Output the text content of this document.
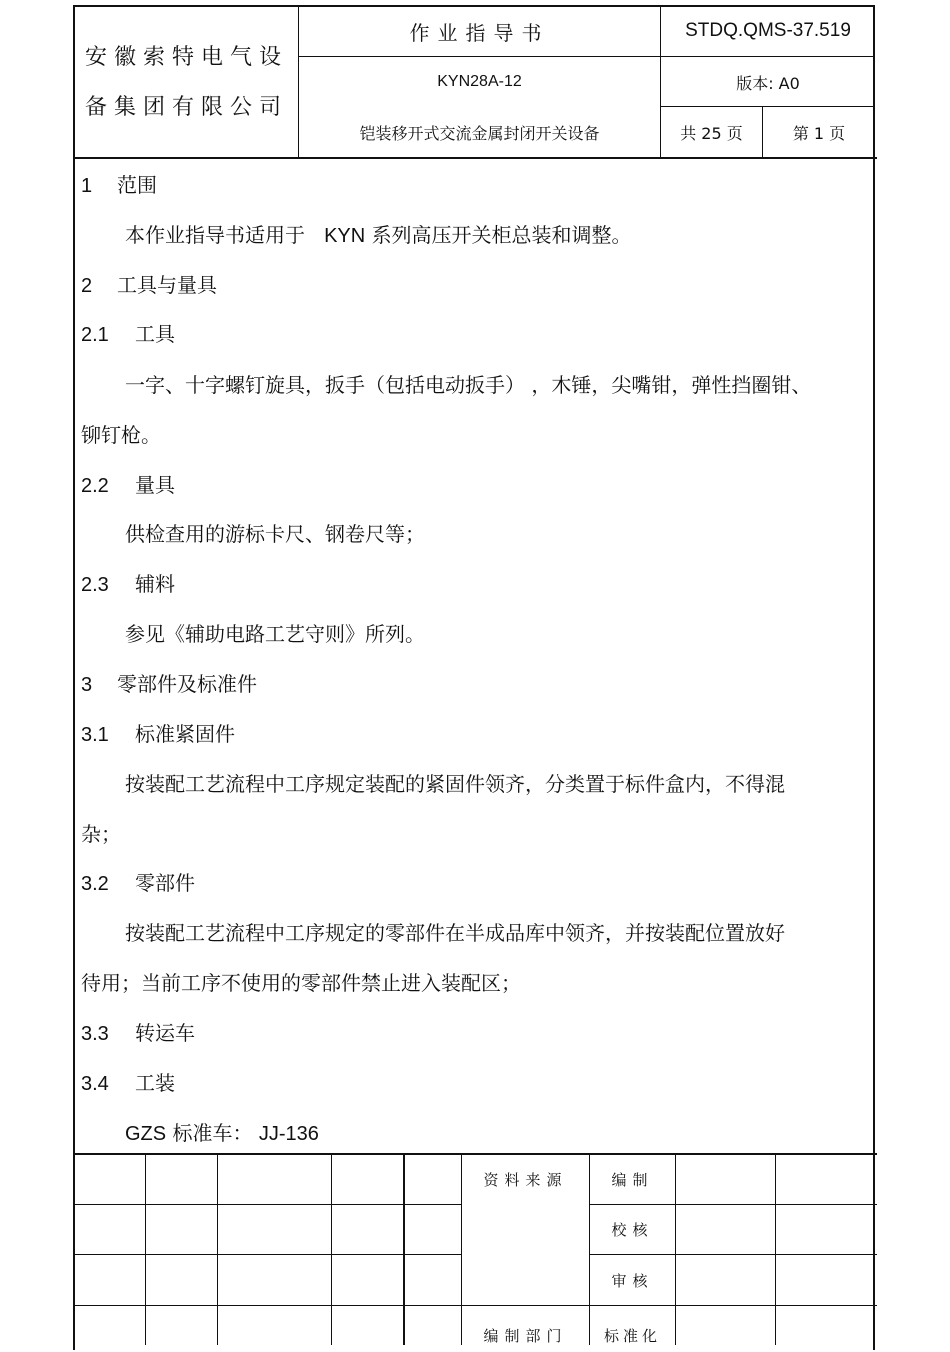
安徽索特电气设
备集团有限公司
作业指导书	STDQ.QMS-37.519
KYN28A-12	版本: A0
铠装移开式交流金属封闭开关设备	共 25 页	第 1 页
1 范围
本作业指导书适用于 KYN 系列高压开关柜总装和调整。
2 工具与量具
2.1 工具
一字、十字螺钉旋具，扳手（包括电动扳手） ，木锤，尖嘴钳，弹性挡圈钳、
铆钉枪。
2.2 量具
供检查用的游标卡尺、钢卷尺等；
2.3 辅料
参见《辅助电路工艺守则》所列。
3 零部件及标准件
3.1 标准紧固件
按装配工艺流程中工序规定装配的紧固件领齐，分类置于标件盒内，不得混
杂；
3.2 零部件
按装配工艺流程中工序规定的零部件在半成品库中领齐，并按装配位置放好
待用；当前工序不使用的零部件禁止进入装配区；
3.3 转运车
3.4 工装
GZS 标准车： JJ-136
资料来源	编制
校核
审核
编制部门	标准化
